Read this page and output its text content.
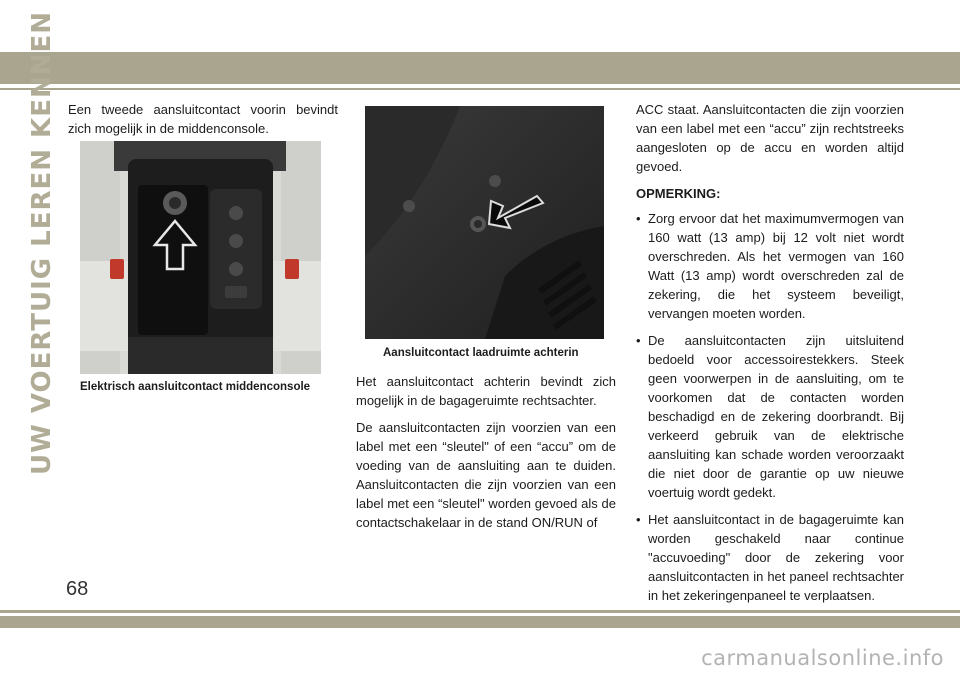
UW VOERTUIG LEREN KENNEN Een tweede aansluitcontact voorin bevindt zich mogelijk in de middenconsole.

Elektrisch aansluitcontact middenconsole
Aansluitcontact laadruimte achterin

Het aansluitcontact achterin bevindt zich mogelijk in de bagageruimte rechtsachter.

De aansluitcontacten zijn voorzien van een label met een “sleutel" of een “accu” om de voeding van de aansluiting aan te duiden. Aansluitcontacten die zijn voorzien van een label met een “sleutel" worden gevoed als de contactschakelaar in de stand ON/RUN of

ACC staat. Aansluitcontacten die zijn voorzien van een label met een “accu” zijn rechtstreeks aangesloten op de accu en worden altijd gevoed.

OPMERKING:

• Zorg ervoor dat het maximumvermogen van 160 watt (13 amp) bij 12 volt niet wordt overschreden. Als het vermogen van 160 Watt (13 amp) wordt overschreden zal de zekering, die het systeem beveiligt, vervangen moeten worden.
• De aansluitcontacten zijn uitsluitend bedoeld voor accessoirestekkers. Steek geen voorwerpen in de aansluiting, om te voorkomen dat de contacten worden beschadigd en de zekering doorbrandt. Bij verkeerd gebruik van de elektrische aansluiting kan schade worden veroorzaakt die niet door de garantie op uw nieuwe voertuig wordt gedekt.
• Het aansluitcontact in de bagageruimte kan worden geschakeld naar continue "accuvoeding" door de zekering voor aansluitcontacten in het paneel rechtsachter in het zekeringenpaneel te verplaatsen.
68
carmanualsonline.info
